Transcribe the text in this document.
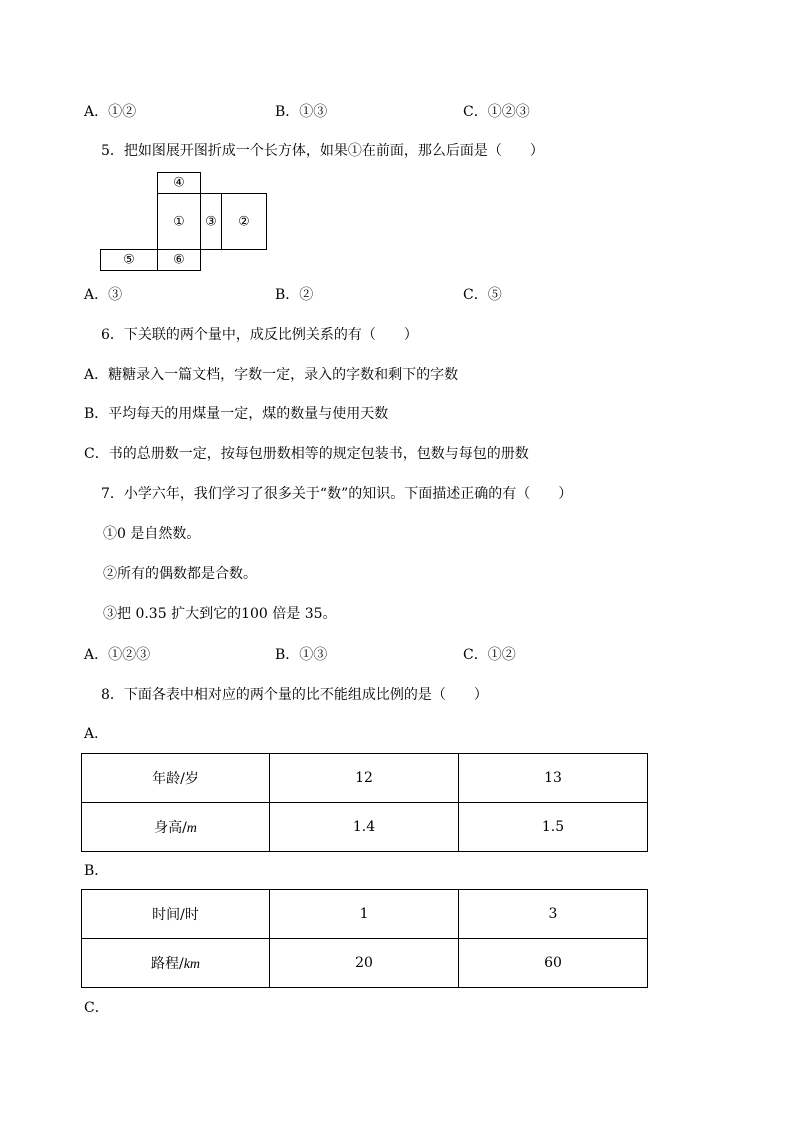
A．①②	B．①③	C．①②③
5．把如图展开图折成一个长方体，如果①在前面，那么后面是（　　）
④
① ③ ②
⑤	⑥
A．③	B．②	C．⑤
6．下关联的两个量中，成反比例关系的有（　　）
A．糖糖录入一篇文档，字数一定，录入的字数和剩下的字数
B．平均每天的用煤量一定，煤的数量与使用天数
C．书的总册数一定，按每包册数相等的规定包装书，包数与每包的册数
7．小学六年，我们学习了很多关于“数”的知识。下面描述正确的有（　　）
①0 是自然数。
②所有的偶数都是合数。
③把 0.35 扩大到它的100 倍是 35。
A．①②③	B．①③	C．①②
8．下面各表中相对应的两个量的比不能组成比例的是（　　）
A．
年龄/岁	12	13
身高/m	1.4	1.5
B．
时间/时	1	3
路程/km	20	60
C．
